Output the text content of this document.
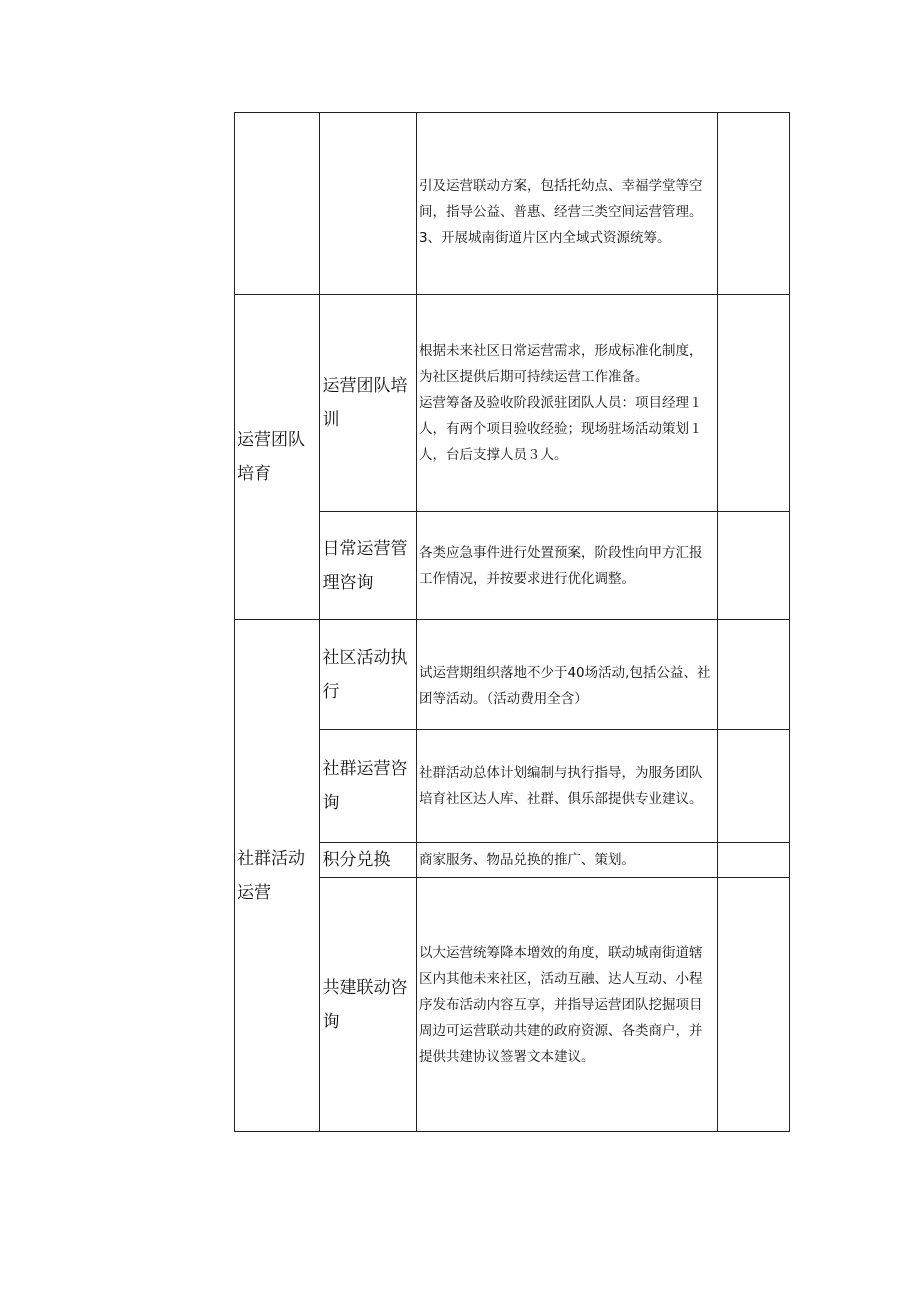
		引及运营联动方案，包括托幼点、幸福学堂等空间，指导公益、普惠、经营三类空间运营管理。
3、开展城南街道片区内全域式资源统筹。	

运营团队培育	运营团队培训	根据未来社区日常运营需求，形成标准化制度，为社区提供后期可持续运营工作准备。
运营筹备及验收阶段派驻团队人员：项目经理１人，有两个项目验收经验；现场驻场活动策划１人，台后支撑人员３人。	

	日常运营管理咨询	各类应急事件进行处置预案，阶段性向甲方汇报工作情况，并按要求进行优化调整。	

社群活动运营	社区活动执行	试运营期组织落地不少于40场活动,包括公益、社团等活动。（活动费用全含）	

	社群运营咨询	社群活动总体计划编制与执行指导，为服务团队培育社区达人库、社群、俱乐部提供专业建议。	

	积分兑换	商家服务、物品兑换的推广、策划。	

	共建联动咨询	以大运营统筹降本增效的角度，联动城南街道辖区内其他未来社区，活动互融、达人互动、小程序发布活动内容互享，并指导运营团队挖掘项目周边可运营联动共建的政府资源、各类商户，并提供共建协议签署文本建议。	
